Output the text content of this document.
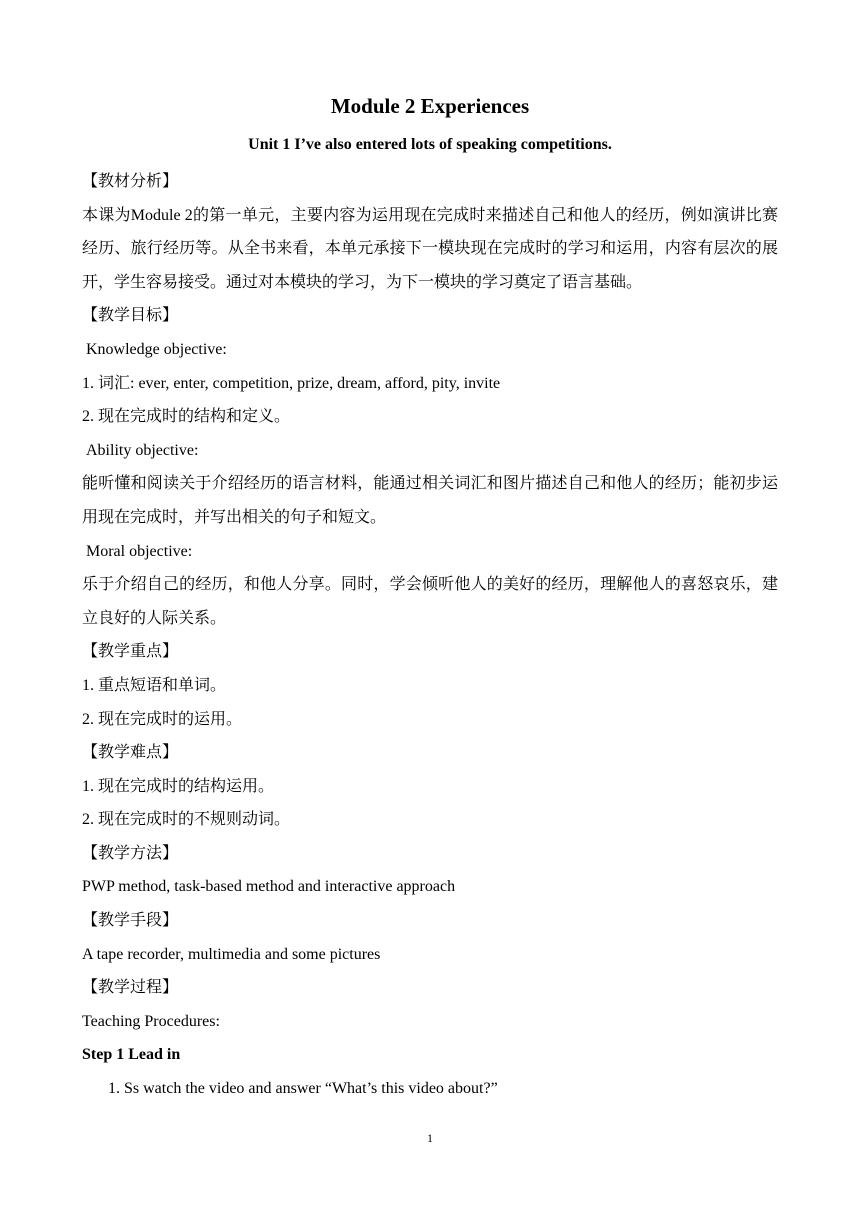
Module 2 Experiences
Unit 1 I’ve also entered lots of speaking competitions.
【教材分析】
本课为Module 2的第一单元，主要内容为运用现在完成时来描述自己和他人的经历，例如演讲比赛经历、旅行经历等。从全书来看，本单元承接下一模块现在完成时的学习和运用，内容有层次的展开，学生容易接受。通过对本模块的学习，为下一模块的学习奠定了语言基础。
【教学目标】
Knowledge objective:
1. 词汇: ever, enter, competition, prize, dream, afford, pity, invite
2. 现在完成时的结构和定义。
Ability objective:
能听懂和阅读关于介绍经历的语言材料，能通过相关词汇和图片描述自己和他人的经历；能初步运用现在完成时，并写出相关的句子和短文。
Moral objective:
乐于介绍自己的经历，和他人分享。同时，学会倾听他人的美好的经历，理解他人的喜怒哀乐，建立良好的人际关系。
【教学重点】
1. 重点短语和单词。
2. 现在完成时的运用。
【教学难点】
1. 现在完成时的结构运用。
2. 现在完成时的不规则动词。
【教学方法】
PWP method, task-based method and interactive approach
【教学手段】
A tape recorder, multimedia and some pictures
【教学过程】
Teaching Procedures:
Step 1 Lead in
1. Ss watch the video and answer “What’s this video about?”
1
